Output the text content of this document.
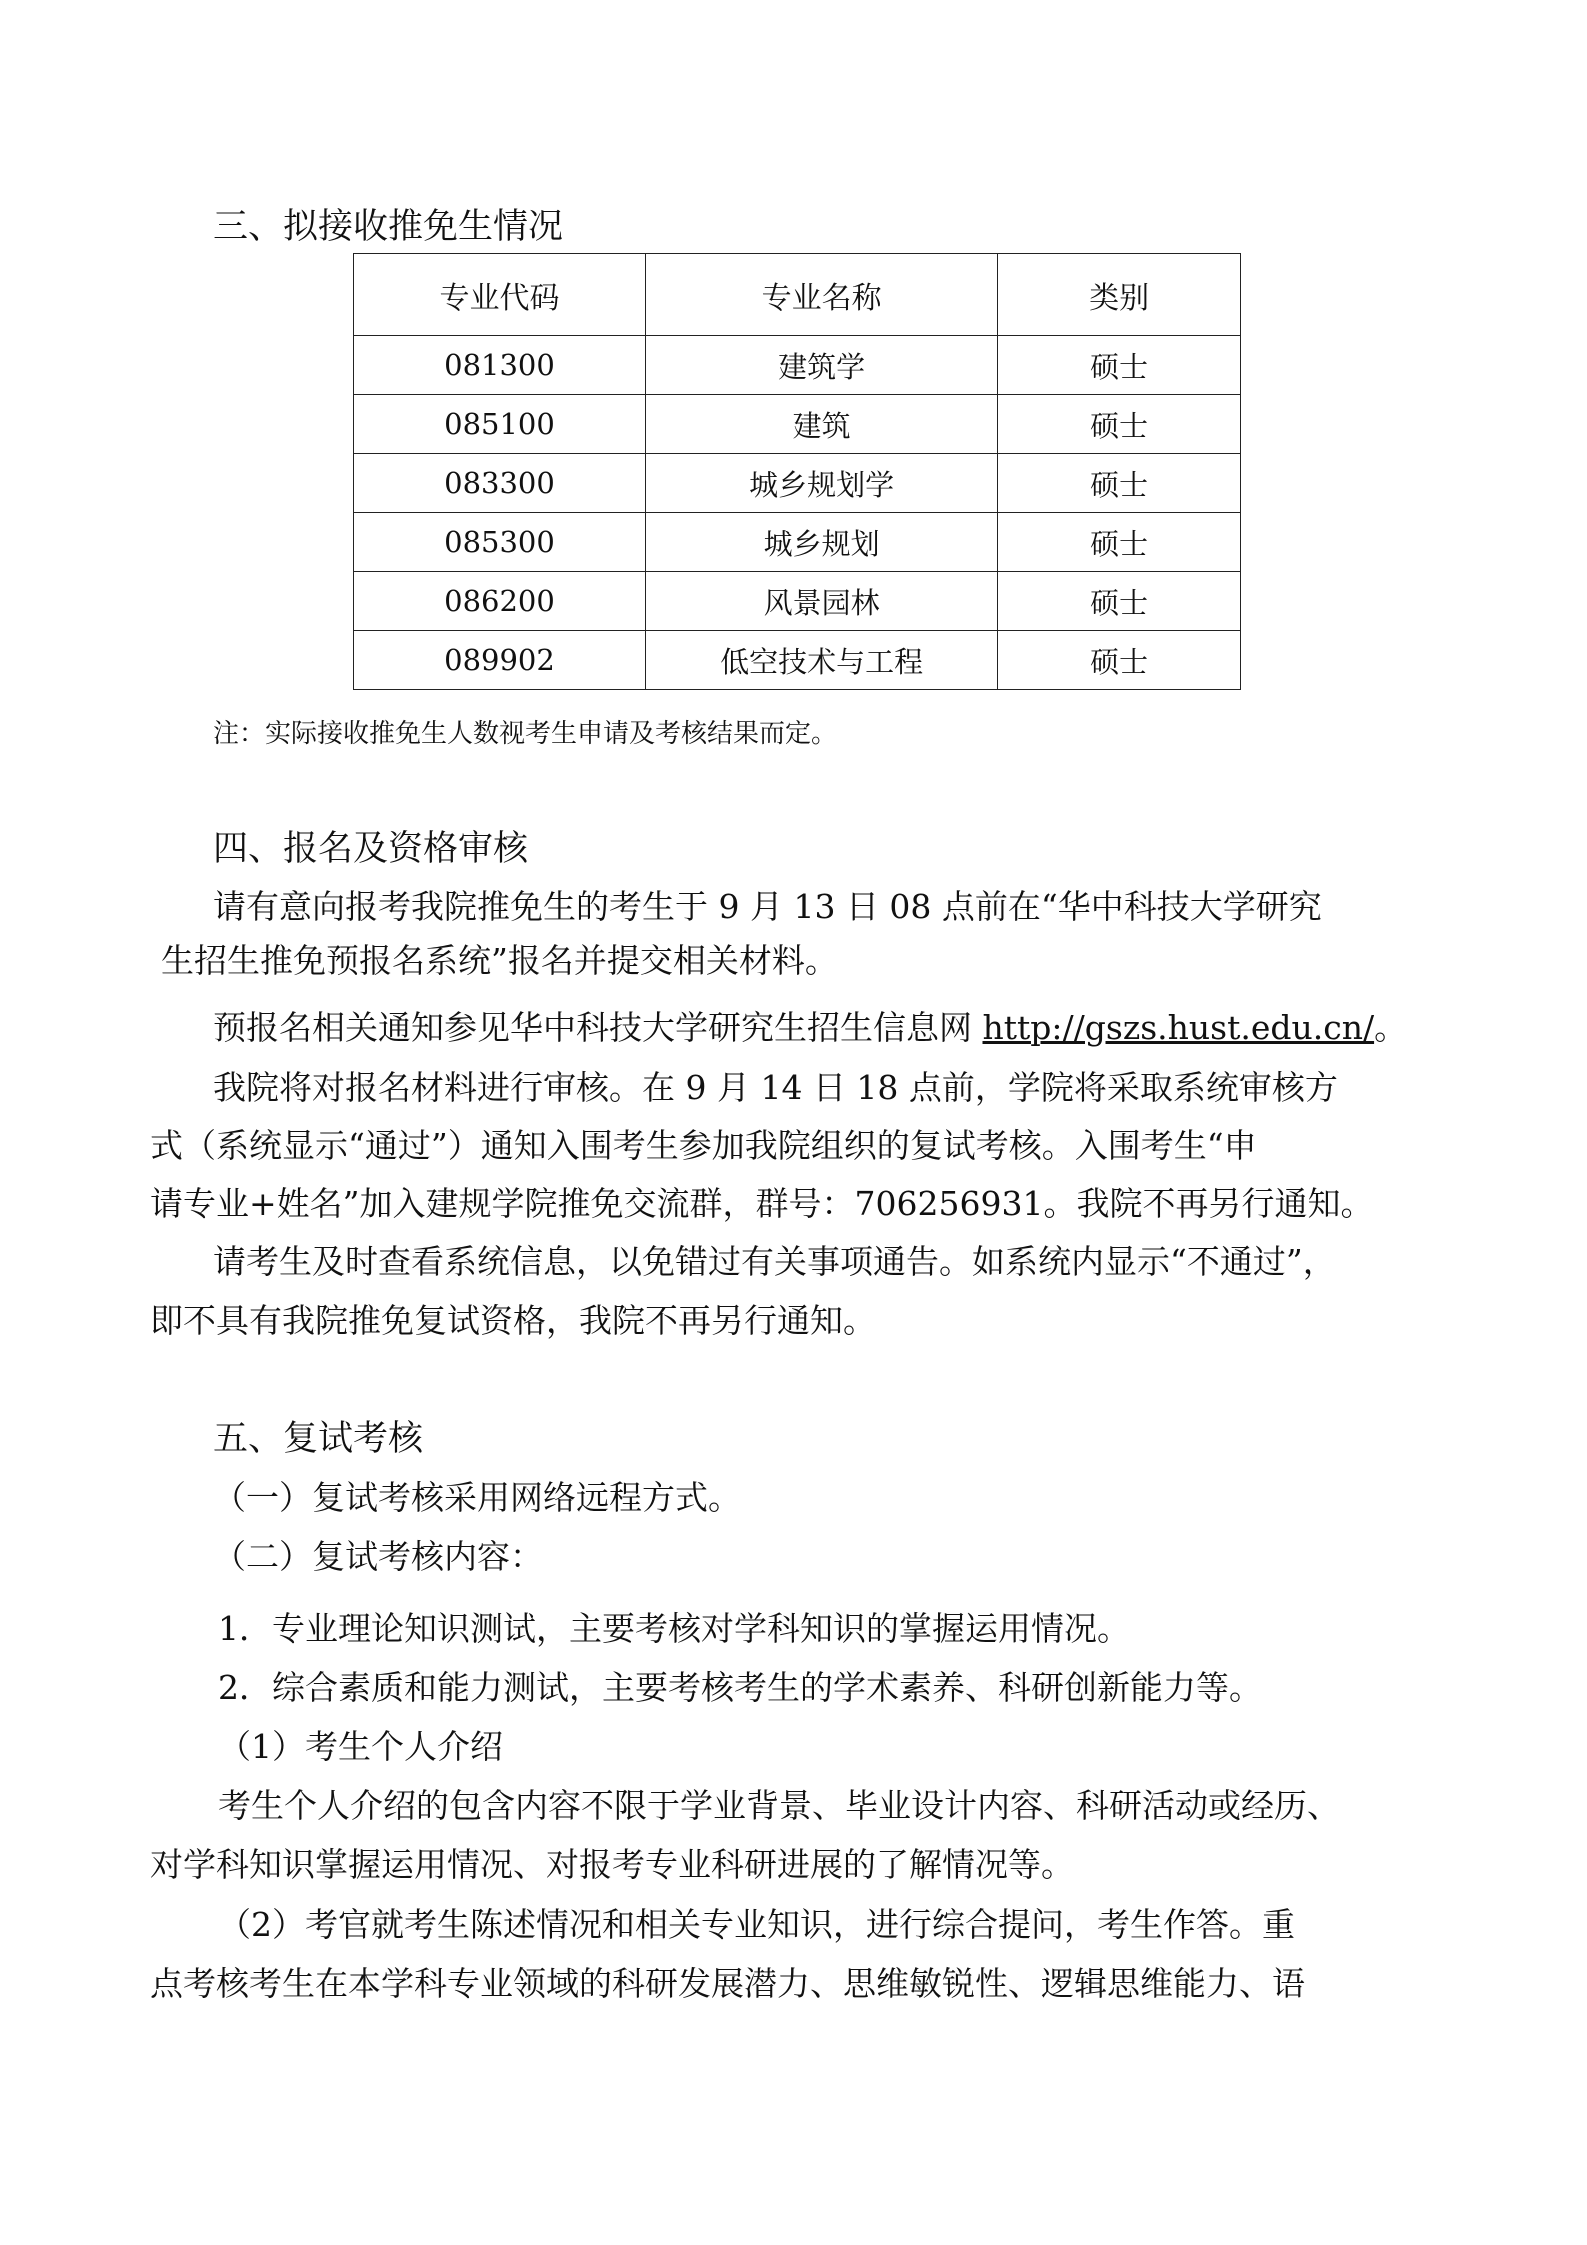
三、拟接收推免生情况
专业代码	专业名称	类别
081300	建筑学	硕士
085100	建筑	硕士
083300	城乡规划学	硕士
085300	城乡规划	硕士
086200	风景园林	硕士
089902	低空技术与工程	硕士
注：实际接收推免生人数视考生申请及考核结果而定。
四、报名及资格审核
请有意向报考我院推免生的考生于 9 月 13 日 08 点前在“华中科技大学研究
生招生推免预报名系统”报名并提交相关材料。
预报名相关通知参见华中科技大学研究生招生信息网 http://gszs.hust.edu.cn/。
我院将对报名材料进行审核。在 9 月 14 日 18 点前，学院将采取系统审核方
式（系统显示“通过”）通知入围考生参加我院组织的复试考核。入围考生“申
请专业+姓名”加入建规学院推免交流群，群号：706256931。我院不再另行通知。
请考生及时查看系统信息，以免错过有关事项通告。如系统内显示“不通过”，
即不具有我院推免复试资格，我院不再另行通知。
五、复试考核
（一）复试考核采用网络远程方式。
（二）复试考核内容：
1．专业理论知识测试，主要考核对学科知识的掌握运用情况。
2．综合素质和能力测试，主要考核考生的学术素养、科研创新能力等。
（1）考生个人介绍
考生个人介绍的包含内容不限于学业背景、毕业设计内容、科研活动或经历、
对学科知识掌握运用情况、对报考专业科研进展的了解情况等。
（2）考官就考生陈述情况和相关专业知识，进行综合提问，考生作答。重
点考核考生在本学科专业领域的科研发展潜力、思维敏锐性、逻辑思维能力、语
